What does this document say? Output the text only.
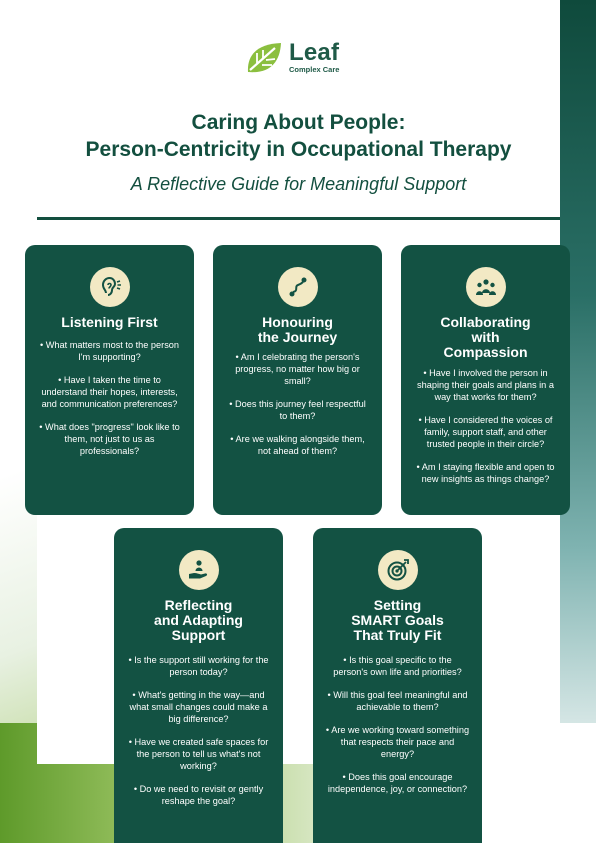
Leaf
Complex Care
Caring About People:
Person-Centricity in Occupational Therapy
A Reflective Guide for Meaningful Support
Listening First
• What matters most to the person I'm supporting?
• Have I taken the time to understand their hopes, interests, and communication preferences?
• What does "progress" look like to them, not just to us as professionals?
Honouring
the Journey
• Am I celebrating the person's progress, no matter how big or small?
• Does this journey feel respectful to them?
• Are we walking alongside them, not ahead of them?
Collaborating
with
Compassion
• Have I involved the person in shaping their goals and plans in a way that works for them?
• Have I considered the voices of family, support staff, and other trusted people in their circle?
• Am I staying flexible and open to new insights as things change?
Reflecting
and Adapting
Support
• Is the support still working for the person today?
• What's getting in the way—and what small changes could make a big difference?
• Have we created safe spaces for the person to tell us what's not working?
• Do we need to revisit or gently reshape the goal?
Setting
SMART Goals
That Truly Fit
• Is this goal specific to the person's own life and priorities?
• Will this goal feel meaningful and achievable to them?
• Are we working toward something that respects their pace and energy?
• Does this goal encourage independence, joy, or connection?
